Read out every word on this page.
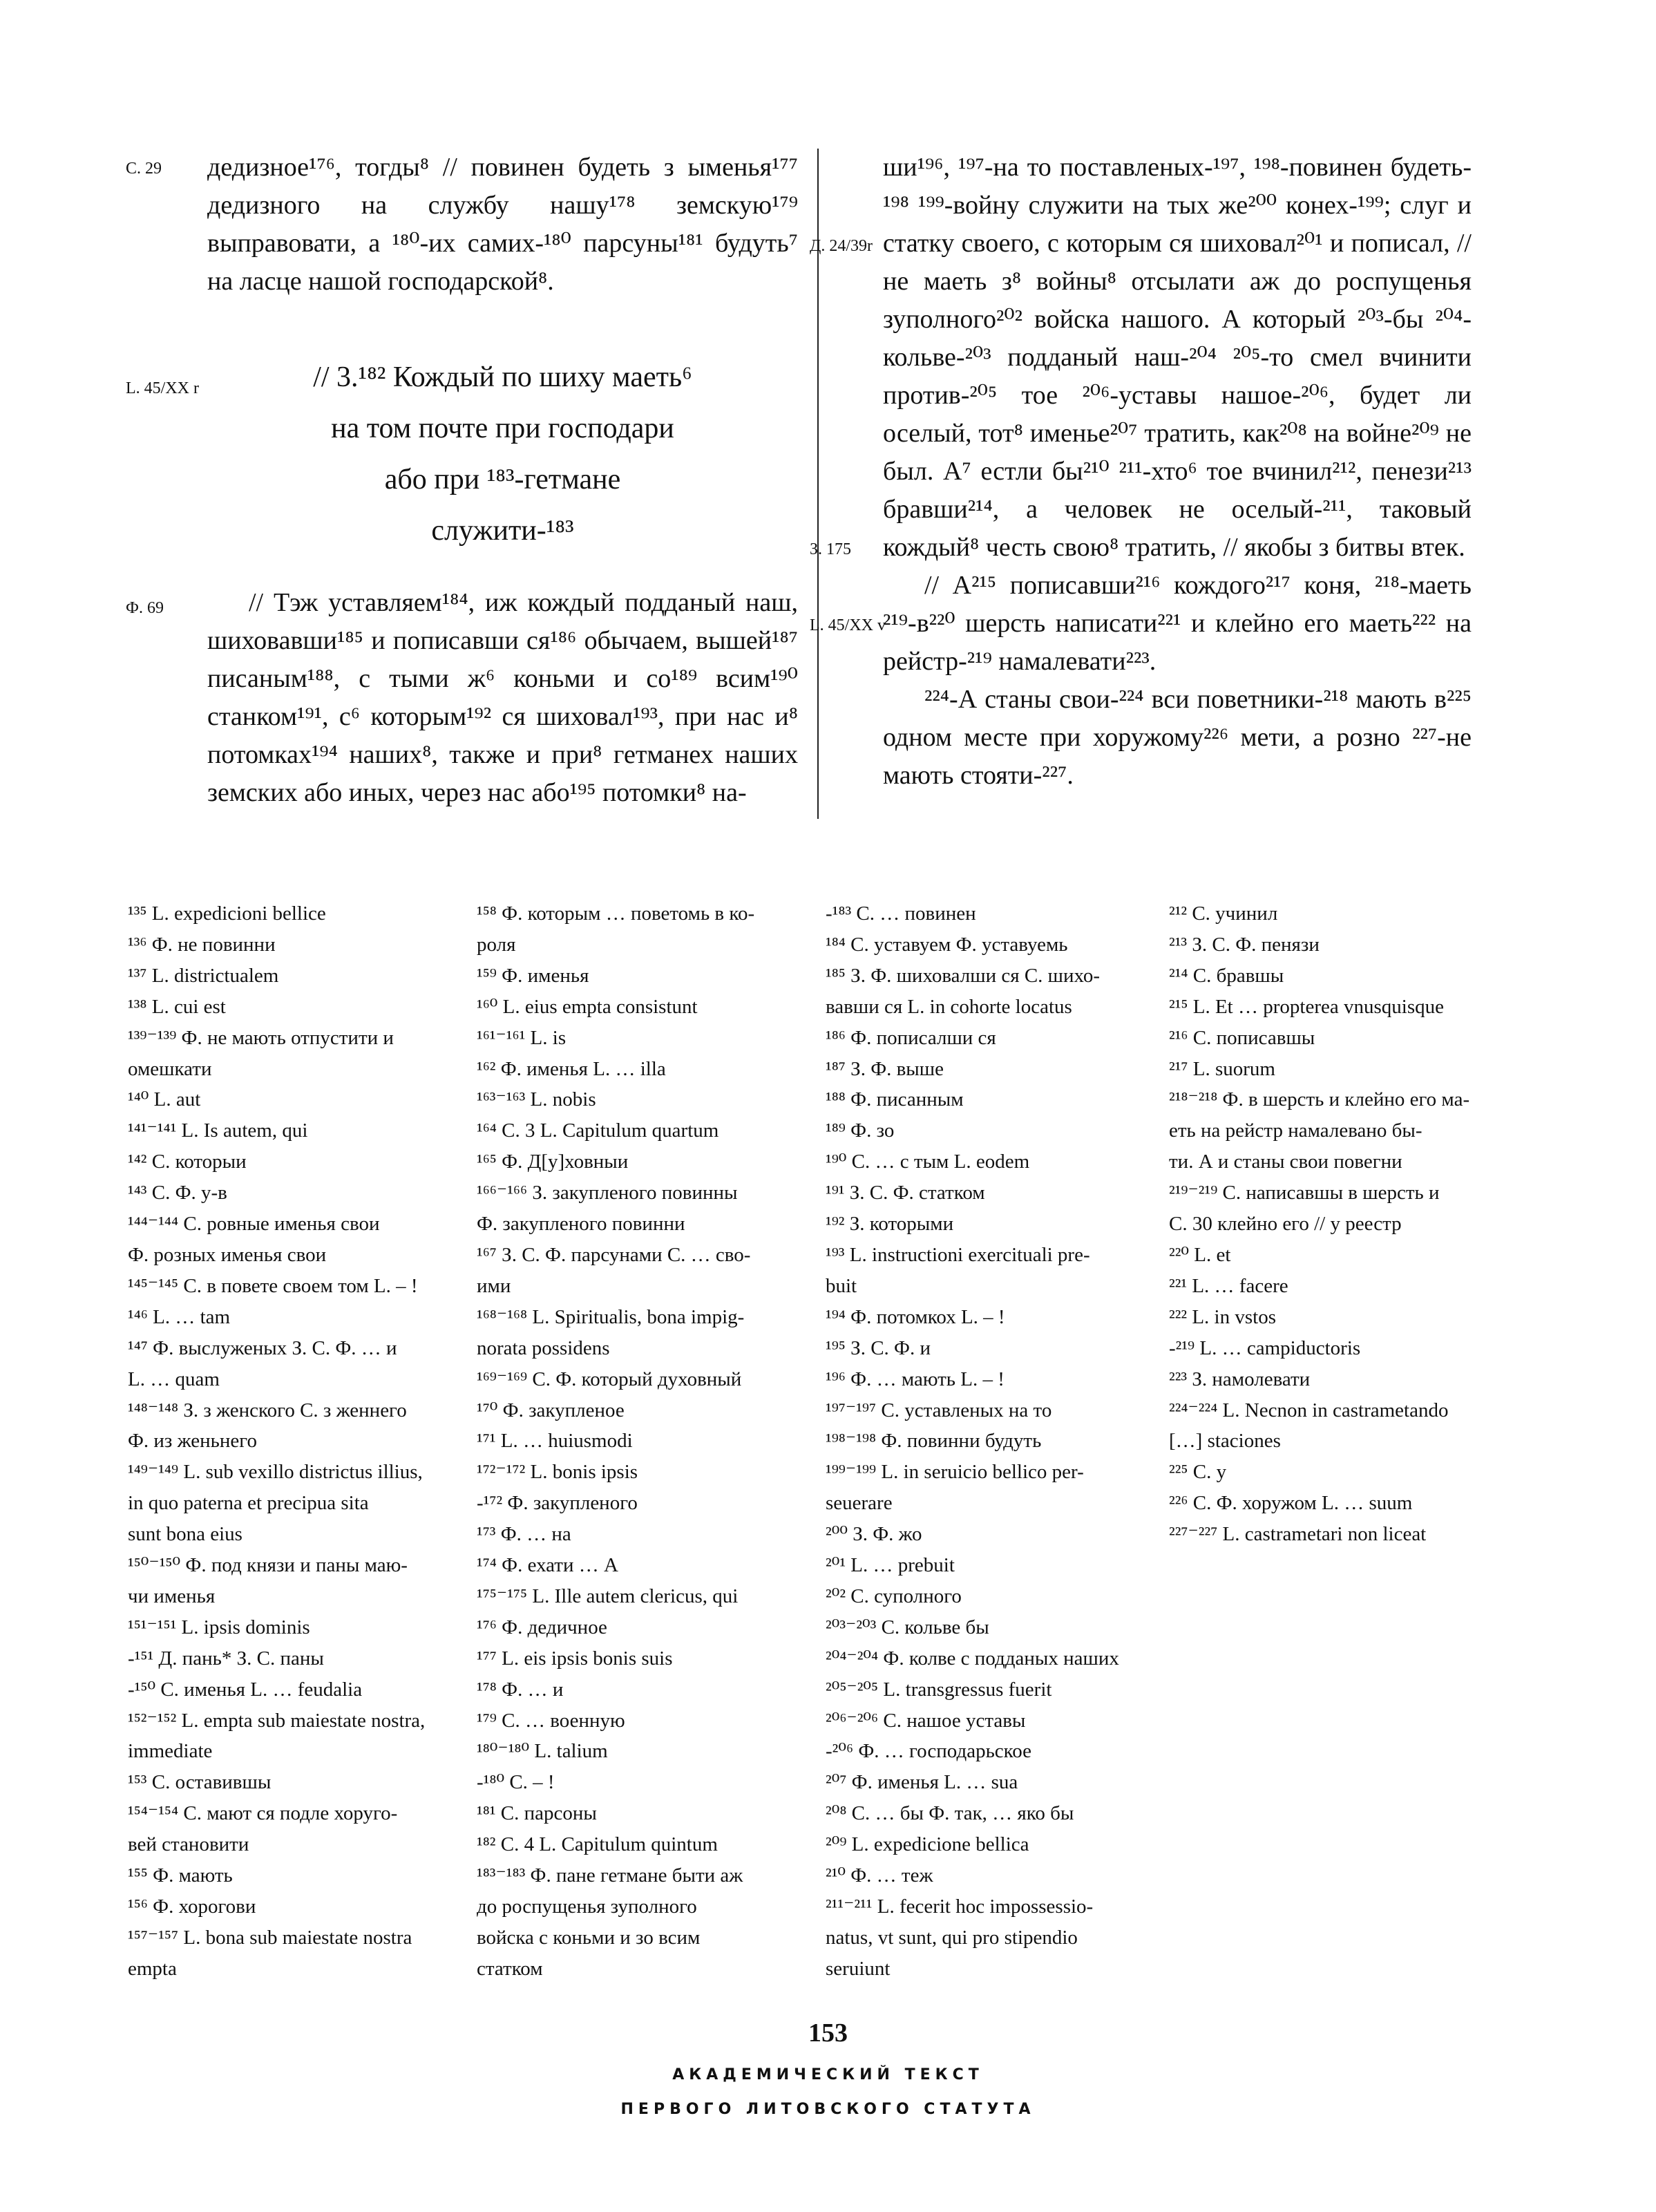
С. 29
L. 45/XX r
Ф. 69

дедизное¹⁷⁶, тогды⁸ // повинен будеть з ыменья¹⁷⁷ дедизного на службу нашу¹⁷⁸ земскую¹⁷⁹ выправовати, а ¹⁸⁰-их самих-¹⁸⁰ парсуны¹⁸¹ будуть⁷ на ласце нашой господарской⁸.

// 3.¹⁸² Кождый по шиху маеть⁶
на том почте при господари
або при ¹⁸³-гетмане
служити-¹⁸³

// Тэж уставляем¹⁸⁴, иж кождый подданый наш, шиховавши¹⁸⁵ и пописавши ся¹⁸⁶ обычаем, вышей¹⁸⁷ писаным¹⁸⁸, с тыми ж⁶ коньми и со¹⁸⁹ всим¹⁹⁰ станком¹⁹¹, с⁶ которым¹⁹² ся шиховал¹⁹³, при нас и⁸ потомках¹⁹⁴ наших⁸, также и при⁸ гетманех наших земских або иных, через нас або¹⁹⁵ потомки⁸ на-

Д. 24/39r
З. 175
L. 45/XX v

ши¹⁹⁶, ¹⁹⁷-на то поставленых-¹⁹⁷, ¹⁹⁸-повинен будеть-¹⁹⁸ ¹⁹⁹-войну служити на тых же²⁰⁰ конех-¹⁹⁹; слуг и статку своего, с которым ся шиховал²⁰¹ и пописал, // не маеть з⁸ войны⁸ отсылати аж до роспущенья зуполного²⁰² войска нашого. А который ²⁰³-бы ²⁰⁴-кольве-²⁰³ подданый наш-²⁰⁴ ²⁰⁵-то смел вчинити против-²⁰⁵ тое ²⁰⁶-уставы нашое-²⁰⁶, будет ли оселый, тот⁸ именье²⁰⁷ тратить, как²⁰⁸ на войне²⁰⁹ не был. А⁷ естли бы²¹⁰ ²¹¹-хто⁶ тое вчинил²¹², пенези²¹³ бравши²¹⁴, а человек не оселый-²¹¹, таковый кождый⁸ честь свою⁸ тратить, // якобы з битвы втек.

// А²¹⁵ пописавши²¹⁶ кождого²¹⁷ коня, ²¹⁸-маеть ²¹⁹-в²²⁰ шерсть написати²²¹ и клейно его маеть²²² на рейстр-²¹⁹ намалевати²²³.

²²⁴-А станы свои-²²⁴ вси поветники-²¹⁸ мають в²²⁵ одном месте при хоружому²²⁶ мети, а розно ²²⁷-не мають стояти-²²⁷.

¹³⁵ L. expedicioni bellice
¹³⁶ Ф. не повинни
¹³⁷ L. districtualem
¹³⁸ L. cui est
¹³⁹⁻¹³⁹ Ф. не мають отпустити и
омешкати
¹⁴⁰ L. aut
¹⁴¹⁻¹⁴¹ L. Is autem, qui
¹⁴² С. которыи
¹⁴³ С. Ф. у-в
¹⁴⁴⁻¹⁴⁴ С. ровные именья свои
Ф. розных именья свои
¹⁴⁵⁻¹⁴⁵ С. в повете своем том L. – !
¹⁴⁶ L. … tam
¹⁴⁷ Ф. выслуженых З. С. Ф. … и
L. … quam
¹⁴⁸⁻¹⁴⁸ З. з женского С. з женнего
Ф. из женьнего
¹⁴⁹⁻¹⁴⁹ L. sub vexillo districtus illius,
in quo paterna et precipua sita
sunt bona eius
¹⁵⁰⁻¹⁵⁰ Ф. под князи и паны маю-
чи именья
¹⁵¹⁻¹⁵¹ L. ipsis dominis
-¹⁵¹ Д. пань* З. С. паны
-¹⁵⁰ С. именья L. … feudalia
¹⁵²⁻¹⁵² L. empta sub maiestate nostra,
immediate
¹⁵³ С. оставившы
¹⁵⁴⁻¹⁵⁴ С. мают ся подле хоруго-
вей становити
¹⁵⁵ Ф. мають
¹⁵⁶ Ф. хорогови
¹⁵⁷⁻¹⁵⁷ L. bona sub maiestate nostra
empta
¹⁵⁸ Ф. которым … поветомь в ко-
роля
¹⁵⁹ Ф. именья
¹⁶⁰ L. eius empta consistunt
¹⁶¹⁻¹⁶¹ L. is
¹⁶² Ф. именья L. … illa
¹⁶³⁻¹⁶³ L. nobis
¹⁶⁴ С. 3 L. Capitulum quartum
¹⁶⁵ Ф. Д[у]ховныи
¹⁶⁶⁻¹⁶⁶ З. закупленого повинны
Ф. закупленого повинни
¹⁶⁷ З. С. Ф. парсунами С. … сво-
ими
¹⁶⁸⁻¹⁶⁸ L. Spiritualis, bona impig-
norata possidens
¹⁶⁹⁻¹⁶⁹ С. Ф. который духовный
¹⁷⁰ Ф. закупленое
¹⁷¹ L. … huiusmodi
¹⁷²⁻¹⁷² L. bonis ipsis
-¹⁷² Ф. закупленого
¹⁷³ Ф. … на
¹⁷⁴ Ф. ехати … А
¹⁷⁵⁻¹⁷⁵ L. Ille autem clericus, qui
¹⁷⁶ Ф. дедичное
¹⁷⁷ L. eis ipsis bonis suis
¹⁷⁸ Ф. … и
¹⁷⁹ С. … военную
¹⁸⁰⁻¹⁸⁰ L. talium
-¹⁸⁰ С. – !
¹⁸¹ С. парсоны
¹⁸² С. 4 L. Capitulum quintum
¹⁸³⁻¹⁸³ Ф. пане гетмане быти аж
до роспущенья зуполного
войска с коньми и зо всим
статком
-¹⁸³ С. … повинен
¹⁸⁴ С. уставуем Ф. уставуемь
¹⁸⁵ З. Ф. шиховалши ся С. шихо-
вавши ся L. in cohorte locatus
¹⁸⁶ Ф. пописалши ся
¹⁸⁷ З. Ф. выше
¹⁸⁸ Ф. писанным
¹⁸⁹ Ф. зо
¹⁹⁰ С. … с тым L. eodem
¹⁹¹ З. С. Ф. статком
¹⁹² З. которыми
¹⁹³ L. instructioni exercituali pre-
buit
¹⁹⁴ Ф. потомкох L. – !
¹⁹⁵ З. С. Ф. и
¹⁹⁶ Ф. … мають L. – !
¹⁹⁷⁻¹⁹⁷ С. уставленых на то
¹⁹⁸⁻¹⁹⁸ Ф. повинни будуть
¹⁹⁹⁻¹⁹⁹ L. in seruicio bellico per-
seuerare
²⁰⁰ З. Ф. жо
²⁰¹ L. … prebuit
²⁰² С. суполного
²⁰³⁻²⁰³ С. кольве бы
²⁰⁴⁻²⁰⁴ Ф. колве с подданых наших
²⁰⁵⁻²⁰⁵ L. transgressus fuerit
²⁰⁶⁻²⁰⁶ С. нашое уставы
-²⁰⁶ Ф. … господарьское
²⁰⁷ Ф. именья L. … sua
²⁰⁸ С. … бы Ф. так, … яко бы
²⁰⁹ L. expedicione bellica
²¹⁰ Ф. … теж
²¹¹⁻²¹¹ L. fecerit hoc impossessio-
natus, vt sunt, qui pro stipendio
seruiunt
²¹² С. учинил
²¹³ З. С. Ф. пенязи
²¹⁴ С. бравшы
²¹⁵ L. Et … propterea vnusquisque
²¹⁶ С. пописавшы
²¹⁷ L. suorum
²¹⁸⁻²¹⁸ Ф. в шерсть и клейно его ма-
еть на рейстр намалевано бы-
ти. А и станы свои повегни
²¹⁹⁻²¹⁹ С. написавшы в шерсть и
С. 30 клейно его // у реестр
²²⁰ L. et
²²¹ L. … facere
²²² L. in vstos
-²¹⁹ L. … campiductoris
²²³ З. намолевати
²²⁴⁻²²⁴ L. Necnon in castrametando
[…] staciones
²²⁵ С. у
²²⁶ С. Ф. хоружом L. … suum
²²⁷⁻²²⁷ L. castrametari non liceat
153
АКАДЕМИЧЕСКИЙ ТЕКСТ
ПЕРВОГО ЛИТОВСКОГО СТАТУТА
